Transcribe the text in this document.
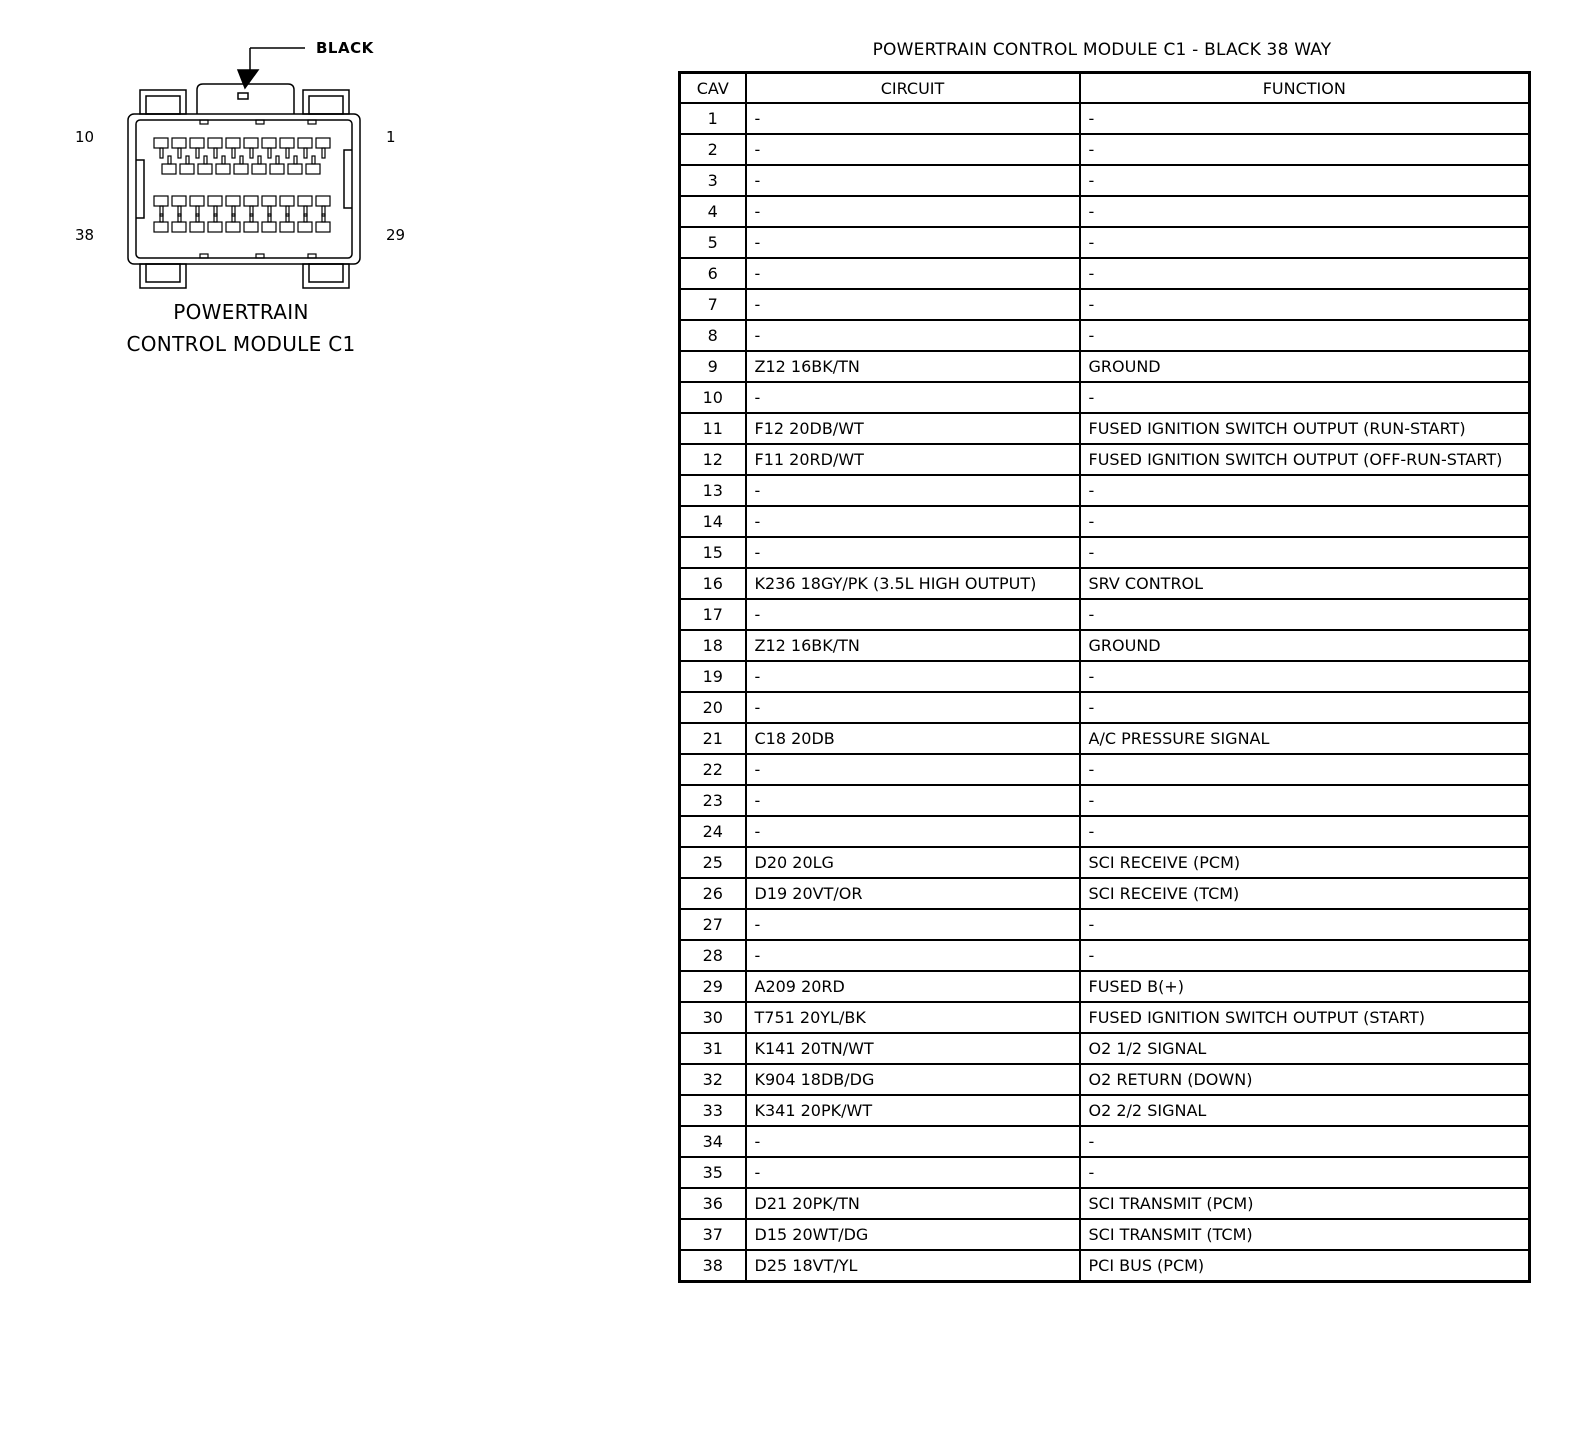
BLACK
10	1
38	29
POWERTRAIN
CONTROL MODULE C1
POWERTRAIN CONTROL MODULE C1 - BLACK 38 WAY
CAV	CIRCUIT	FUNCTION
1	-	-
2	-	-
3	-	-
4	-	-
5	-	-
6	-	-
7	-	-
8	-	-
9	Z12 16BK/TN	GROUND
10	-	-
11	F12 20DB/WT	FUSED IGNITION SWITCH OUTPUT (RUN-START)
12	F11 20RD/WT	FUSED IGNITION SWITCH OUTPUT (OFF-RUN-START)
13	-	-
14	-	-
15	-	-
16	K236 18GY/PK (3.5L HIGH OUTPUT)	SRV CONTROL
17	-	-
18	Z12 16BK/TN	GROUND
19	-	-
20	-	-
21	C18 20DB	A/C PRESSURE SIGNAL
22	-	-
23	-	-
24	-	-
25	D20 20LG	SCI RECEIVE (PCM)
26	D19 20VT/OR	SCI RECEIVE (TCM)
27	-	-
28	-	-
29	A209 20RD	FUSED B(+)
30	T751 20YL/BK	FUSED IGNITION SWITCH OUTPUT (START)
31	K141 20TN/WT	O2 1/2 SIGNAL
32	K904 18DB/DG	O2 RETURN (DOWN)
33	K341 20PK/WT	O2 2/2 SIGNAL
34	-	-
35	-	-
36	D21 20PK/TN	SCI TRANSMIT (PCM)
37	D15 20WT/DG	SCI TRANSMIT (TCM)
38	D25 18VT/YL	PCI BUS (PCM)
